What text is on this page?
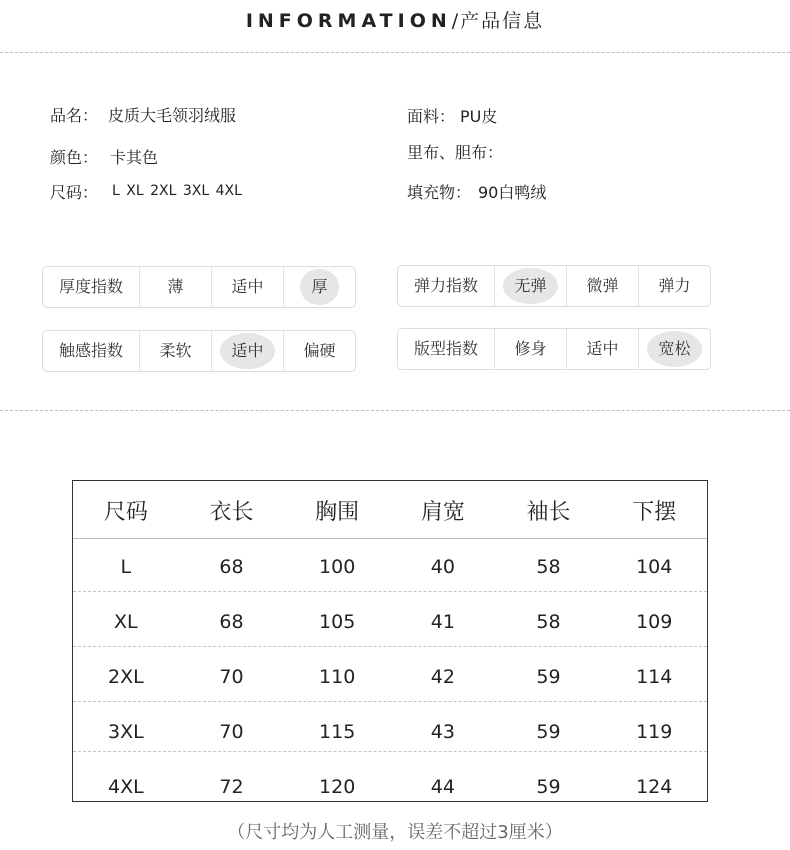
INFORMATION/产品信息
品名： 皮质大毛领羽绒服
颜色： 卡其色
尺码： L XL 2XL 3XL 4XL
面料： PU皮
里布、胆布：
填充物： 90白鸭绒
厚度指数	薄	适中	厚	弹力指数	无弹	微弹	弹力
触感指数	柔软	适中	偏硬	版型指数	修身	适中	宽松
尺码	衣长	胸围	肩宽	袖长	下摆
L	68	100	40	58	104
XL	68	105	41	58	109
2XL	70	110	42	59	114
3XL	70	115	43	59	119
4XL	72	120	44	59	124
（尺寸均为人工测量，误差不超过3厘米）
